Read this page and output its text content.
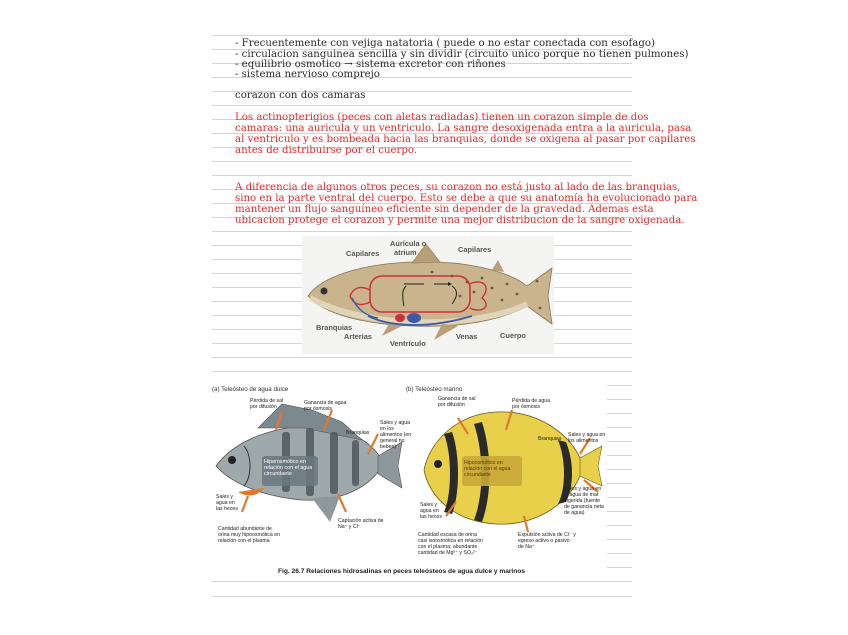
- Frecuentemente con vejiga natatoria ( puede o no estar conectada con esofago)
- circulacion sanguinea sencilla y sin dividir (circuito unico porque no tienen pulmones)
- equilibrio osmotico → sistema excretor con riñones
- sistema nervioso comprejo
corazon con dos camaras
Los actinopterigios (peces con aletas radiadas) tienen un corazon simple de dos
camaras: una auricula y un ventriculo. La sangre desoxigenada entra a la auricula, pasa
al ventriculo y es bombeada hacia las branquias, donde se oxigena al pasar por capilares
antes de distribuirse por el cuerpo.
A diferencia de algunos otros peces, su corazon no está justo al lado de las branquias,
sino en la parte ventral del cuerpo. Esto se debe a que su anatomía ha evolucionado para
mantener un flujo sanguíneo eficiente sin depender de la gravedad. Ademas esta
ubicacion protege el corazon y permite una mejor distribucion de la sangre oxigenada.
Capilares
Aurícula o
atrium	Capilares
Branquias
Arterias
Ventrículo
Venas	Cuerpo
(a) Teleósteo de agua dulce
Pérdida de sal por difusión
Ganancia de agua por ósmosis
Branquias
Sales y agua en los alimentos (en general no beben)
Hiperosmótico en relación con el agua circundante
Sales y agua en las heces
Cantidad abundante de orina muy hipoosmótica en relación con el plasma
Captación activa de Na⁺ y Cl⁻
(b) Teleósteo marino
Ganancia de sal por difusión
Pérdida de agua por ósmosis
Branquias
Sales y agua en los alimentos
Hipoosmótico en relación con el agua circundante
Sales y agua en el agua de mar ingerida (fuente de ganancia neta de agua)
Sales y agua en las heces
Cantidad escasa de orina casi isoosmótica en relación con el plasma; abundante cantidad de Mg²⁺ y SO₄²⁻
Expulsión activa de Cl⁻ y egreso activo o pasivo de Na⁺
Fig. 26.7 Relaciones hidrosalinas en peces teleósteos de agua dulce y marinos
